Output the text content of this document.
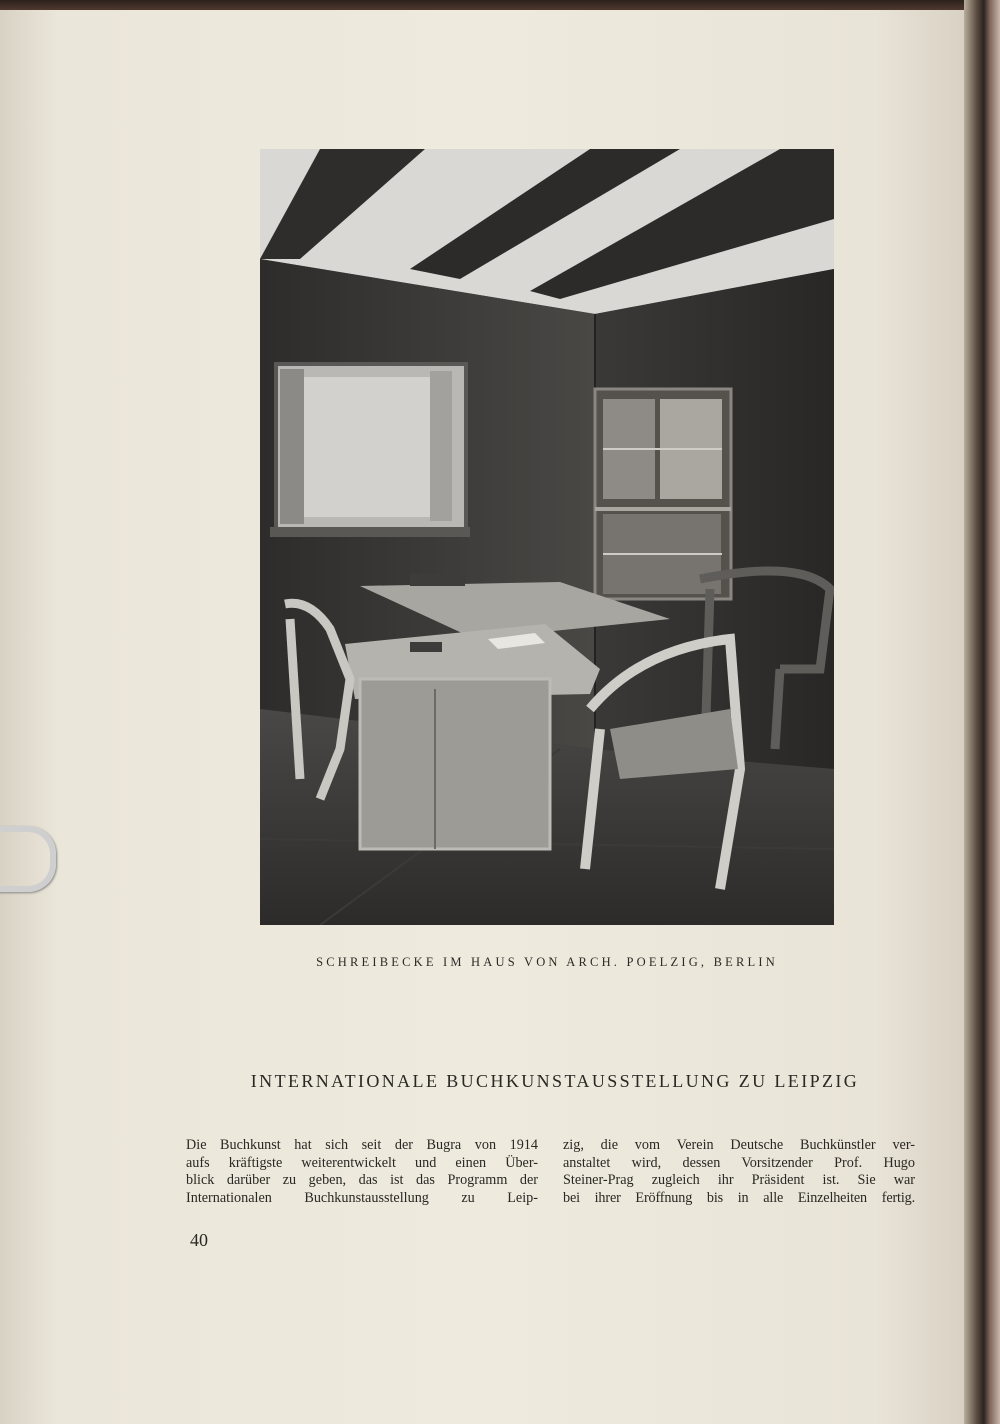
SCHREIBECKE IM HAUS VON ARCH. POELZIG, BERLIN
INTERNATIONALE BUCHKUNSTAUSSTELLUNG ZU LEIPZIG
Die Buchkunst hat sich seit der Bugra von 1914
aufs kräftigste weiterentwickelt und einen Über-
blick darüber zu geben, das ist das Programm der
Internationalen Buchkunstausstellung zu Leip-
zig, die vom Verein Deutsche Buchkünstler ver-
anstaltet wird, dessen Vorsitzender Prof. Hugo
Steiner-Prag zugleich ihr Präsident ist. Sie war
bei ihrer Eröffnung bis in alle Einzelheiten fertig.
40
